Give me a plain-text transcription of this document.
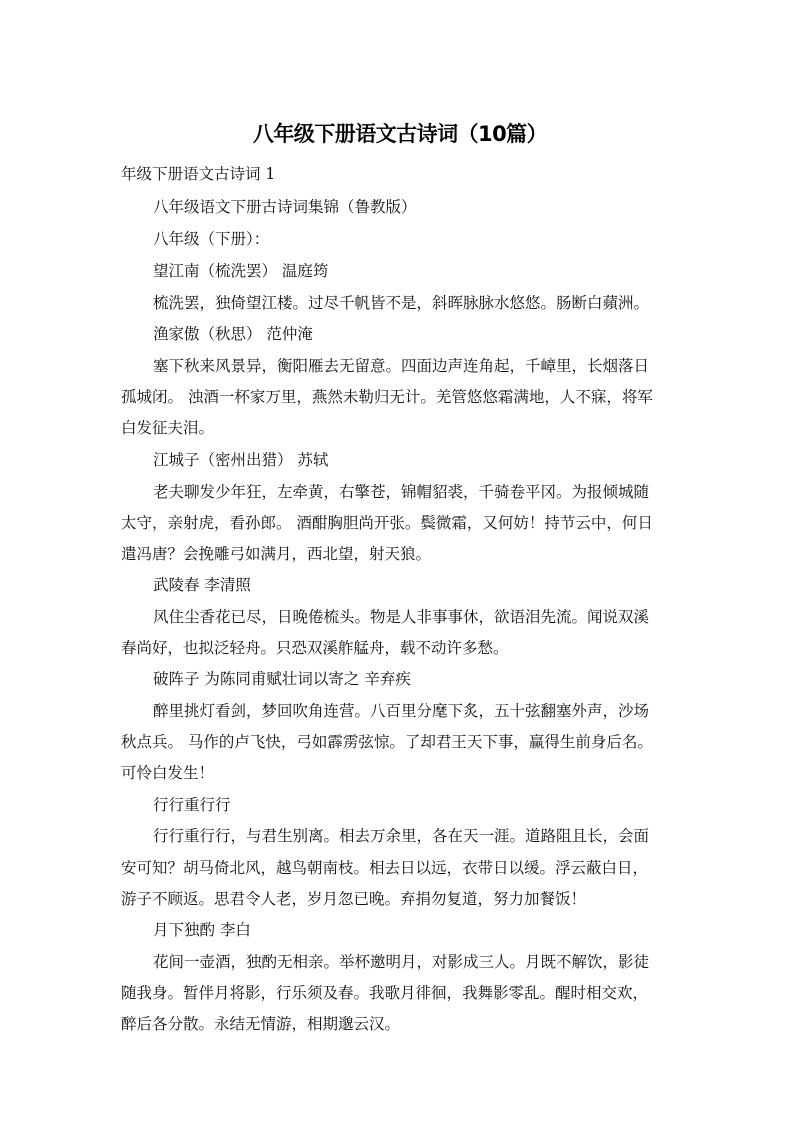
八年级下册语文古诗词（10篇）
年级下册语文古诗词 1
八年级语文下册古诗词集锦（鲁教版）
八年级（下册）：
望江南（梳洗罢） 温庭筠
梳洗罢，独倚望江楼。过尽千帆皆不是，斜晖脉脉水悠悠。肠断白蘋洲。
渔家傲（秋思） 范仲淹
塞下秋来风景异，衡阳雁去无留意。四面边声连角起，千嶂里，长烟落日
孤城闭。 浊酒一杯家万里，燕然未勒归无计。羌管悠悠霜满地，人不寐，将军
白发征夫泪。
江城子（密州出猎） 苏轼
老夫聊发少年狂，左牵黄，右擎苍，锦帽貂裘，千骑卷平冈。为报倾城随
太守，亲射虎，看孙郎。 酒酣胸胆尚开张。鬓微霜，又何妨！持节云中，何日
遣冯唐？会挽雕弓如满月，西北望，射天狼。
武陵春 李清照
风住尘香花已尽，日晚倦梳头。物是人非事事休，欲语泪先流。闻说双溪
春尚好，也拟泛轻舟。只恐双溪舴艋舟，载不动许多愁。
破阵子 为陈同甫赋壮词以寄之 辛弃疾
醉里挑灯看剑，梦回吹角连营。八百里分麾下炙，五十弦翻塞外声，沙场
秋点兵。 马作的卢飞快，弓如霹雳弦惊。了却君王天下事，赢得生前身后名。
可怜白发生！
行行重行行
行行重行行，与君生别离。相去万余里，各在天一涯。道路阻且长，会面
安可知？胡马倚北风，越鸟朝南枝。相去日以远，衣带日以缓。浮云蔽白日，
游子不顾返。思君令人老，岁月忽已晚。弃捐勿复道，努力加餐饭！
月下独酌 李白
花间一壶酒，独酌无相亲。举杯邀明月，对影成三人。月既不解饮，影徒
随我身。暂伴月将影，行乐须及春。我歌月徘徊，我舞影零乱。醒时相交欢，
醉后各分散。永结无情游，相期邈云汉。
